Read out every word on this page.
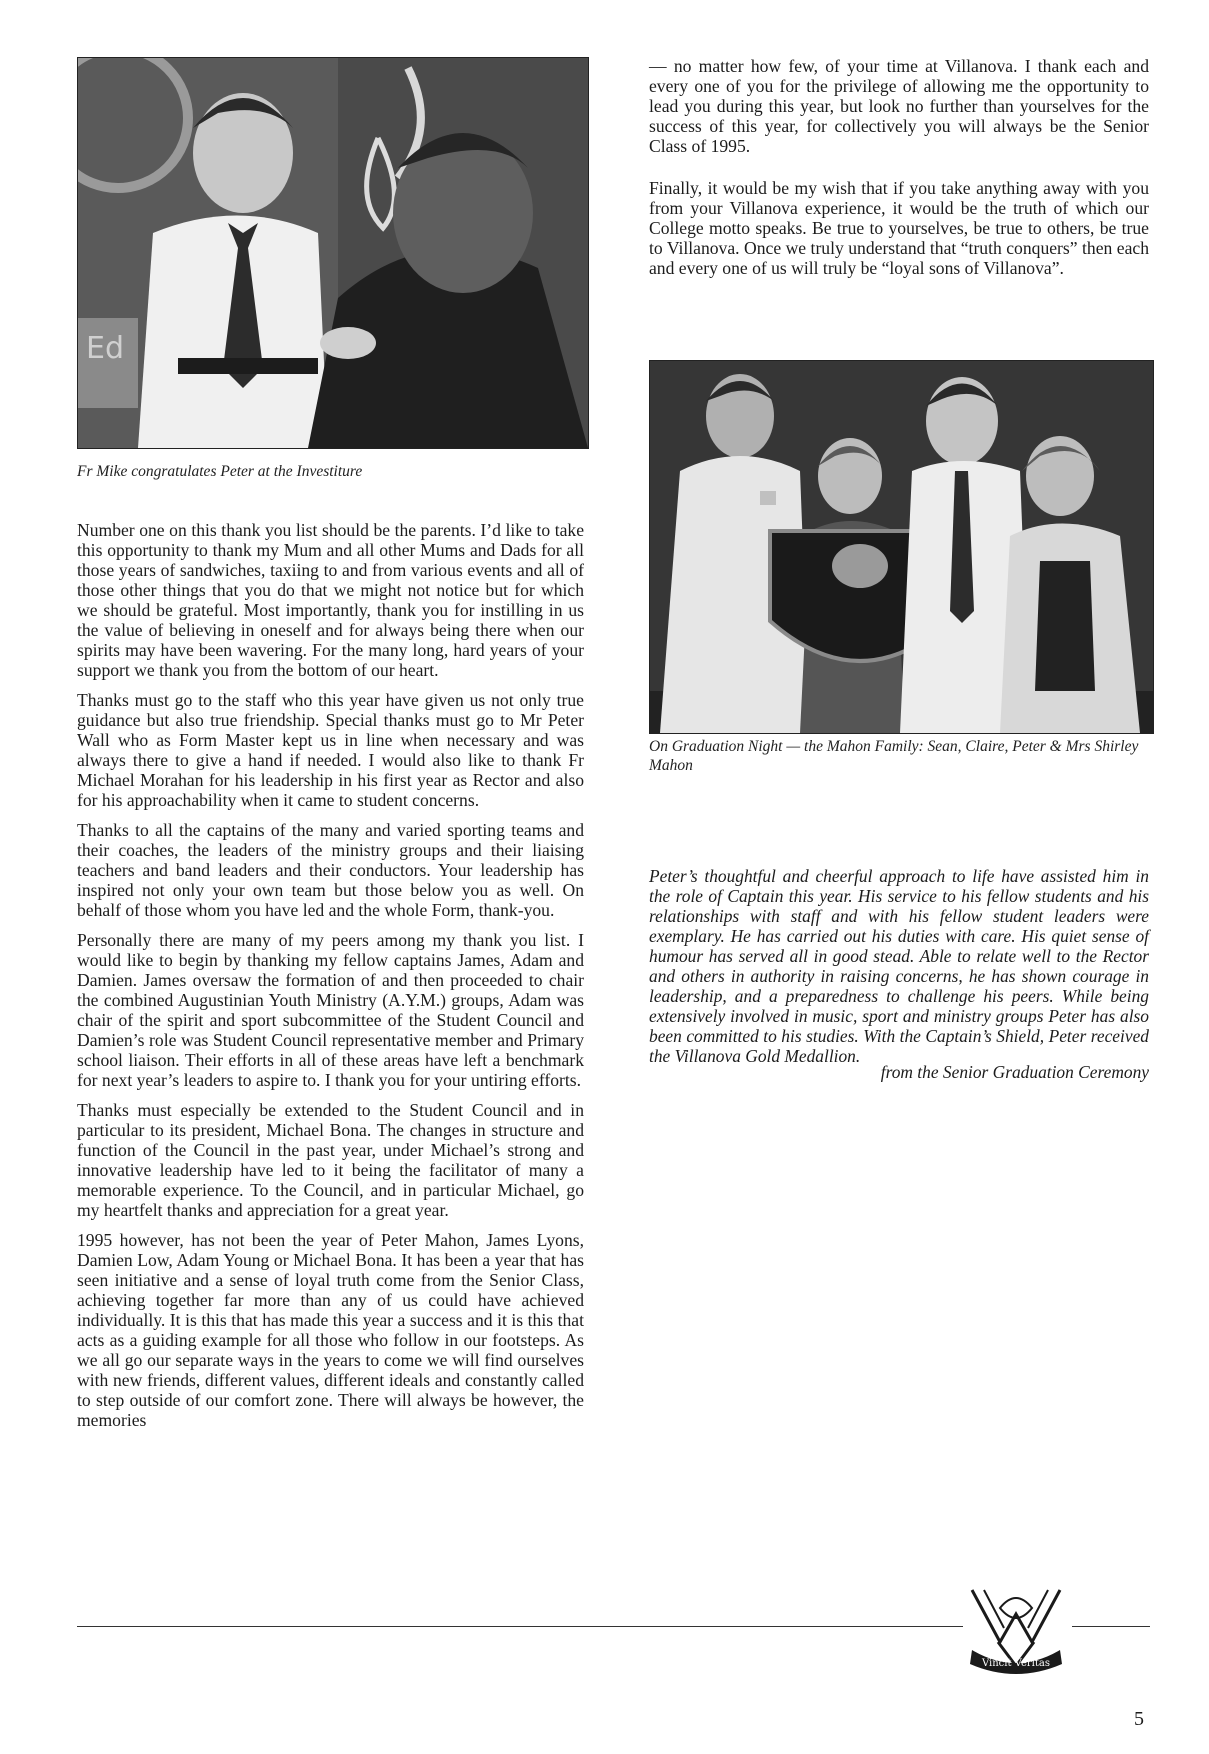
Ed
Fr Mike congratulates Peter at the Investiture

— no matter how few, of your time at Villanova. I thank each and every one of you for the privilege of allowing me the opportunity to lead you during this year, but look no further than yourselves for the success of this year, for collectively you will always be the Senior Class of 1995.

Finally, it would be my wish that if you take anything away with you from your Villanova experience, it would be the truth of which our College motto speaks. Be true to yourselves, be true to others, be true to Villanova. Once we truly understand that “truth conquers” then each and every one of us will truly be “loyal sons of Villanova”.

On Graduation Night — the Mahon Family: Sean, Claire, Peter & Mrs Shirley Mahon

Number one on this thank you list should be the parents. I’d like to take this opportunity to thank my Mum and all other Mums and Dads for all those years of sandwiches, taxiing to and from various events and all of those other things that you do that we might not notice but for which we should be grateful. Most importantly, thank you for instilling in us the value of believing in oneself and for always being there when our spirits may have been wavering. For the many long, hard years of your support we thank you from the bottom of our heart.

Thanks must go to the staff who this year have given us not only true guidance but also true friendship. Special thanks must go to Mr Peter Wall who as Form Master kept us in line when necessary and was always there to give a hand if needed. I would also like to thank Fr Michael Morahan for his leadership in his first year as Rector and also for his approachability when it came to student concerns.

Thanks to all the captains of the many and varied sporting teams and their coaches, the leaders of the ministry groups and their liaising teachers and band leaders and their conductors. Your leadership has inspired not only your own team but those below you as well. On behalf of those whom you have led and the whole Form, thank-you.

Personally there are many of my peers among my thank you list. I would like to begin by thanking my fellow captains James, Adam and Damien. James oversaw the formation of and then proceeded to chair the combined Augustinian Youth Ministry (A.Y.M.) groups, Adam was chair of the spirit and sport subcommittee of the Student Council and Damien’s role was Student Council representative member and Primary school liaison. Their efforts in all of these areas have left a benchmark for next year’s leaders to aspire to. I thank you for your untiring efforts.

Thanks must especially be extended to the Student Council and in particular to its president, Michael Bona. The changes in structure and function of the Council in the past year, under Michael’s strong and innovative leadership have led to it being the facilitator of many a memorable experience. To the Council, and in particular Michael, go my heartfelt thanks and appreciation for a great year.

1995 however, has not been the year of Peter Mahon, James Lyons, Damien Low, Adam Young or Michael Bona. It has been a year that has seen initiative and a sense of loyal truth come from the Senior Class, achieving together far more than any of us could have achieved individually. It is this that has made this year a success and it is this that acts as a guiding example for all those who follow in our footsteps. As we all go our separate ways in the years to come we will find ourselves with new friends, different values, different ideals and constantly called to step outside of our comfort zone. There will always be however, the memories

Peter’s thoughtful and cheerful approach to life have assisted him in the role of Captain this year. His service to his fellow students and his relationships with staff and with his fellow student leaders were exemplary. He has carried out his duties with care. His quiet sense of humour has served all in good stead. Able to relate well to the Rector and others in authority in raising concerns, he has shown courage in leadership, and a preparedness to challenge his peers. While being extensively involved in music, sport and ministry groups Peter has also been committed to his studies. With the Captain’s Shield, Peter received the Villanova Gold Medallion.

from the Senior Graduation Ceremony
Vincit Veritas
5
